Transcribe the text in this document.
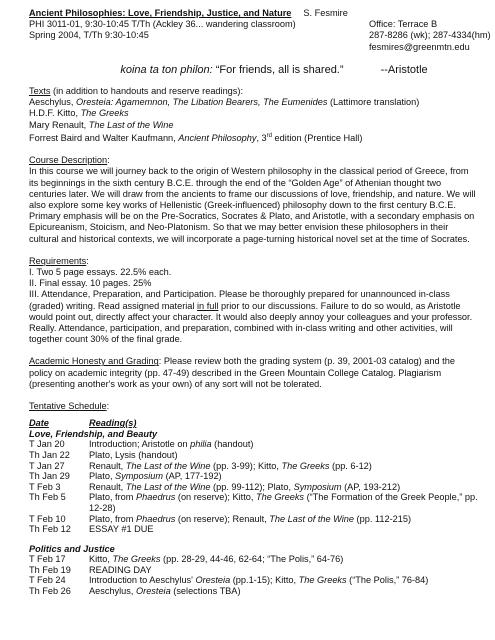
Ancient Philosophies: Love, Friendship, Justice, and Nature S. Fesmire
PHI 3011-01, 9:30-10:45 T/Th (Ackley 36... wandering classroom)	Office: Terrace B
Spring 2004, T/Th 9:30-10:45	287-8286 (wk); 287-4334(hm)
fesmires@greenmtn.edu
koina ta ton philon: “For friends, all is shared.”	--Aristotle

Texts (in addition to handouts and reserve readings):

Aeschylus, Oresteia: Agamemnon, The Libation Bearers, The Eumenides (Lattimore translation)

H.D.F. Kitto, The Greeks

Mary Renault, The Last of the Wine

Forrest Baird and Walter Kaufmann, Ancient Philosophy, 3rd edition (Prentice Hall)

Course Description:

In this course we will journey back to the origin of Western philosophy in the classical period of Greece, from its beginnings in the sixth century B.C.E. through the end of the “Golden Age” of Athenian thought two centuries later. We will draw from the ancients to frame our discussions of love, friendship, and nature. We will also explore some key works of Hellenistic (Greek-influenced) philosophy down to the first century B.C.E. Primary emphasis will be on the Pre-Socratics, Socrates & Plato, and Aristotle, with a secondary emphasis on Epicureanism, Stoicism, and Neo-Platonism. So that we may better envision these philosophers in their cultural and historical contexts, we will incorporate a page-turning historical novel set at the time of Socrates.

Requirements:

I. Two 5 page essays. 22.5% each.

II. Final essay. 10 pages. 25%

III. Attendance, Preparation, and Participation. Please be thoroughly prepared for unannounced in-class (graded) writing. Read assigned material in full prior to our discussions. Failure to do so would, as Aristotle would point out, directly affect your character. It would also deeply annoy your colleagues and your professor. Really. Attendance, participation, and preparation, combined with in-class writing and other activities, will together count 30% of the final grade.

Academic Honesty and Grading: Please review both the grading system (p. 39, 2001-03 catalog) and the policy on academic integrity (pp. 47-49) described in the Green Mountain College Catalog. Plagiarism (presenting another's work as your own) of any sort will not be tolerated.

Tentative Schedule:

Date	Reading(s)
Love, Friendship, and Beauty	
T Jan 20	Introduction; Aristotle on philia (handout)
Th Jan 22	Plato, Lysis (handout)
T Jan 27	Renault, The Last of the Wine (pp. 3-99); Kitto, The Greeks (pp. 6-12)
Th Jan 29	Plato, Symposium (AP, 177-192)
T Feb 3	Renault, The Last of the Wine (pp. 99-112); Plato, Symposium (AP, 193-212)
Th Feb 5	Plato, from Phaedrus (on reserve); Kitto, The Greeks (“The Formation of the Greek People,” pp. 12-28)
T Feb 10	Plato, from Phaedrus (on reserve); Renault, The Last of the Wine (pp. 112-215)
Th Feb 12	ESSAY #1 DUE
Politics and Justice	
T Feb 17	Kitto, The Greeks (pp. 28-29, 44-46, 62-64; “The Polis,” 64-76)
Th Feb 19	READING DAY
T Feb 24	Introduction to Aeschylus' Oresteia (pp.1-15); Kitto, The Greeks (“The Polis,” 76-84)
Th Feb 26	Aeschylus, Oresteia (selections TBA)
